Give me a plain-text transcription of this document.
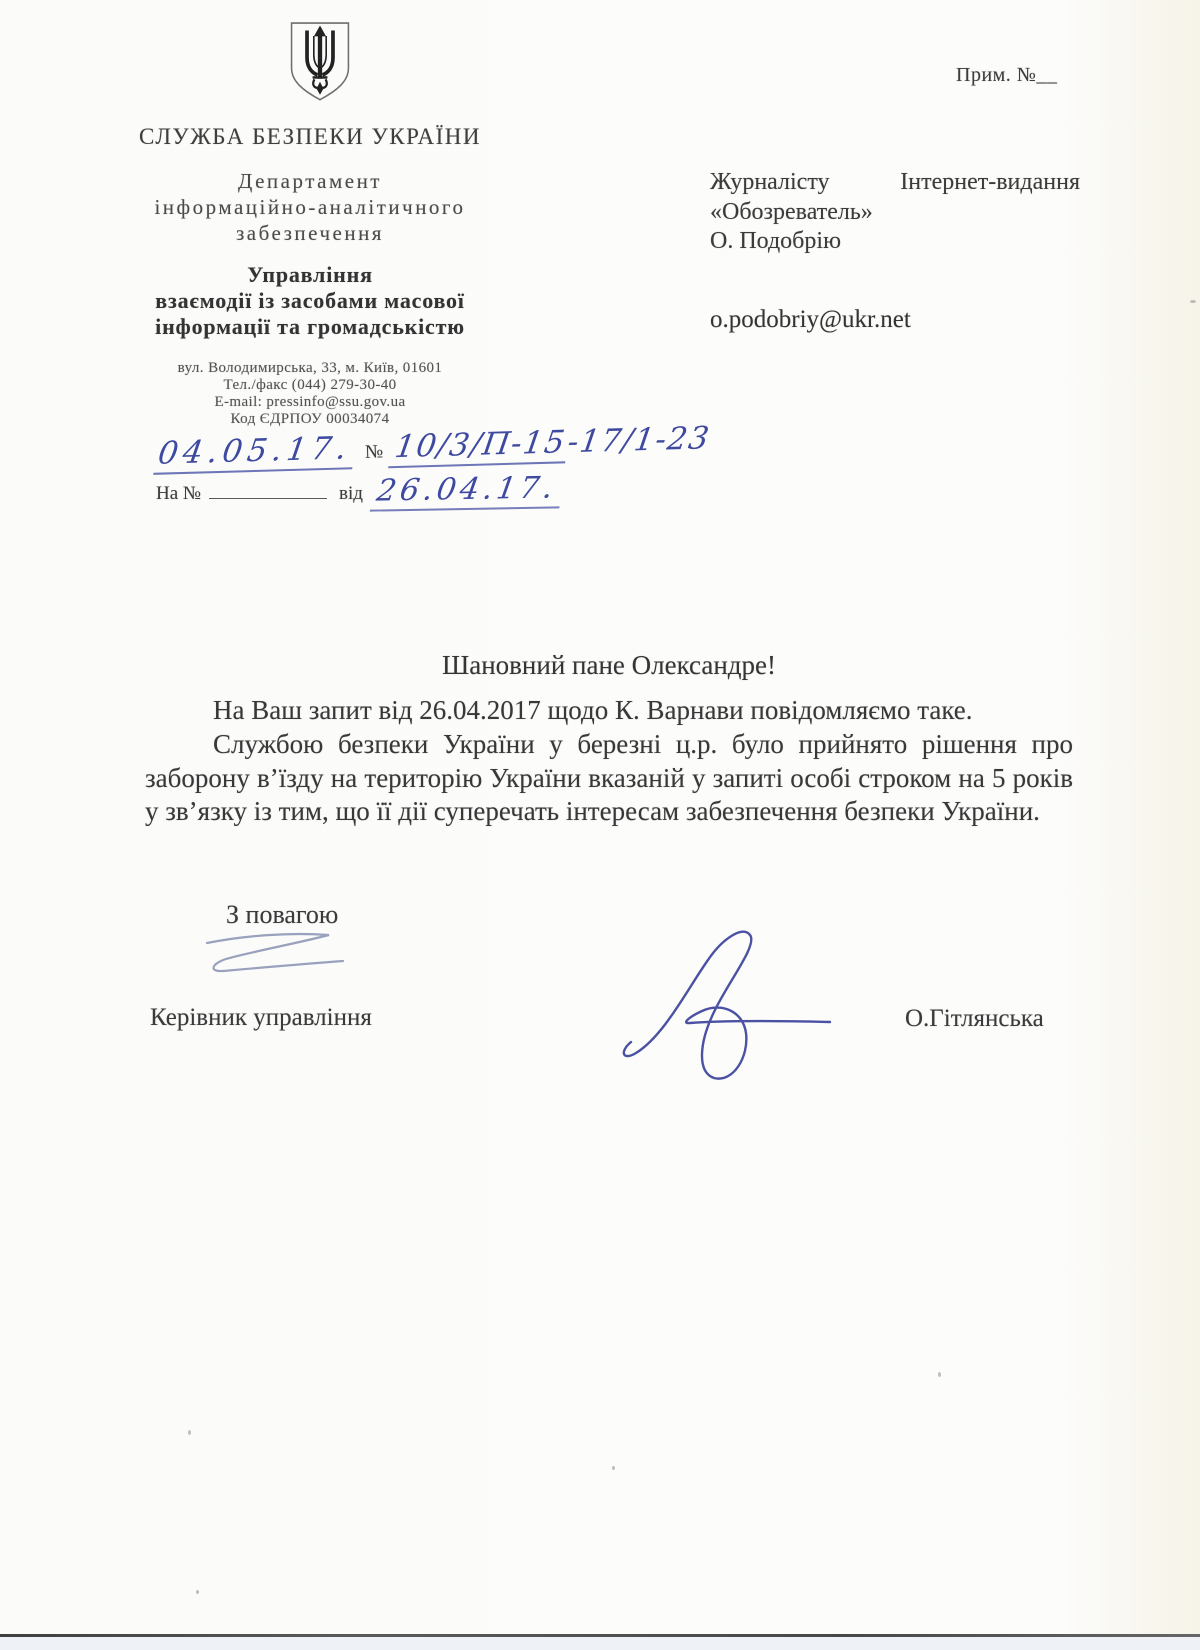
СЛУЖБА БЕЗПЕКИ УКРАЇНИ
Департамент
інформаційно-аналітичного
забезпечення
Управління
взаємодії із засобами масової
інформації та громадськістю
вул. Володимирська, 33, м. Київ, 01601
Тел./факс (044) 279-30-40
E-mail: pressinfo@ssu.gov.ua
Код ЄДРПОУ 00034074
04.05.17. № 10/3/П-15
-17/1-23
На №	від 26.04.17.
Прим. №__
Журналісту Інтернет-видання
«Обозреватель»
О. Подобрію
o.podobriy@ukr.net
Шановний пане Олександре!

На Ваш запит від 26.04.2017 щодо К. Варнави повідомляємо таке.

Службою безпеки України у березні ц.р. було прийнято рішення про заборону в’їзду на територію України вказаній у запиті особі строком на 5 років у зв’язку із тим, що її дії суперечать інтересам забезпечення безпеки України.

З повагою
Керівник управління	О.Гітлянська
